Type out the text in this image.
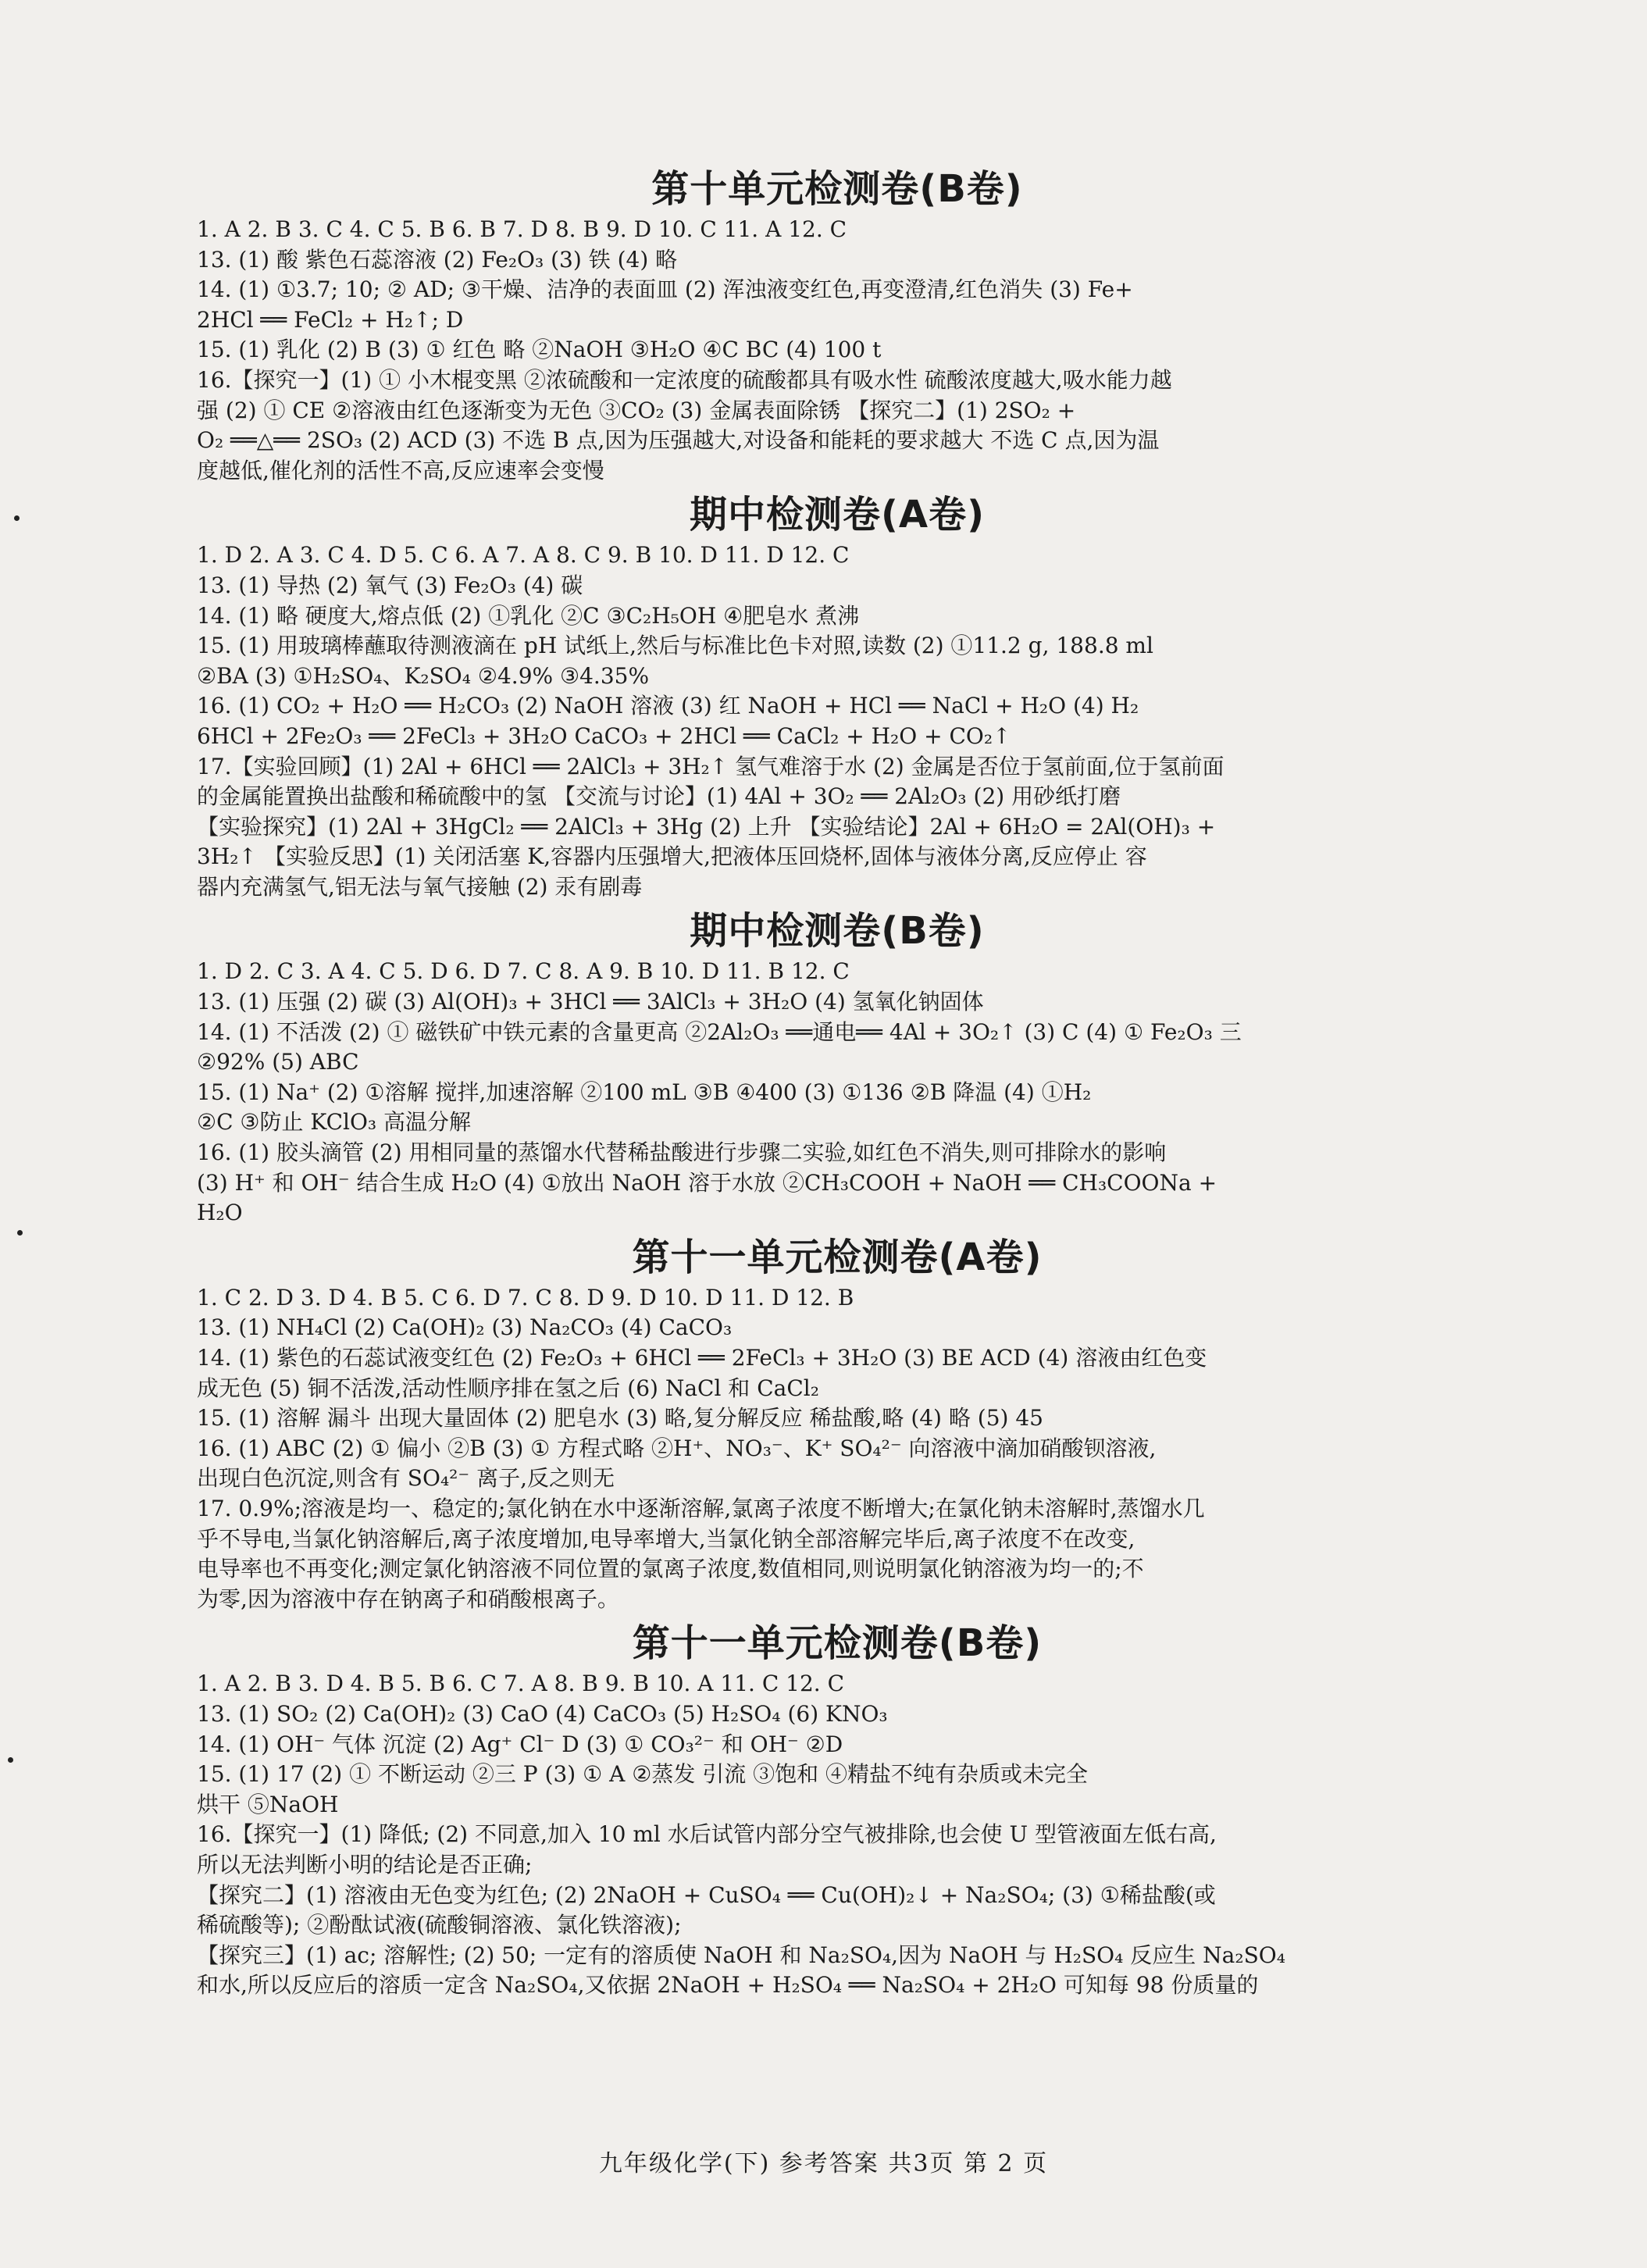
第十单元检测卷(B卷)
1. A 2. B 3. C 4. C 5. B 6. B 7. D 8. B 9. D 10. C 11. A 12. C
13. (1) 酸 紫色石蕊溶液 (2) Fe₂O₃ (3) 铁 (4) 略
14. (1) ①3.7; 10; ② AD; ③干燥、洁净的表面皿 (2) 浑浊液变红色,再变澄清,红色消失 (3) Fe+
2HCl ══ FeCl₂ + H₂↑; D
15. (1) 乳化 (2) B (3) ① 红色 略 ②NaOH ③H₂O ④C BC (4) 100 t
16.【探究一】(1) ① 小木棍变黑 ②浓硫酸和一定浓度的硫酸都具有吸水性 硫酸浓度越大,吸水能力越
强 (2) ① CE ②溶液由红色逐渐变为无色 ③CO₂ (3) 金属表面除锈 【探究二】(1) 2SO₂ +
O₂ ══△══ 2SO₃ (2) ACD (3) 不选 B 点,因为压强越大,对设备和能耗的要求越大 不选 C 点,因为温
度越低,催化剂的活性不高,反应速率会变慢
期中检测卷(A卷)
1. D 2. A 3. C 4. D 5. C 6. A 7. A 8. C 9. B 10. D 11. D 12. C
13. (1) 导热 (2) 氧气 (3) Fe₂O₃ (4) 碳
14. (1) 略 硬度大,熔点低 (2) ①乳化 ②C ③C₂H₅OH ④肥皂水 煮沸
15. (1) 用玻璃棒蘸取待测液滴在 pH 试纸上,然后与标准比色卡对照,读数 (2) ①11.2 g, 188.8 ml
②BA (3) ①H₂SO₄、K₂SO₄ ②4.9% ③4.35%
16. (1) CO₂ + H₂O ══ H₂CO₃ (2) NaOH 溶液 (3) 红 NaOH + HCl ══ NaCl + H₂O (4) H₂
6HCl + 2Fe₂O₃ ══ 2FeCl₃ + 3H₂O CaCO₃ + 2HCl ══ CaCl₂ + H₂O + CO₂↑
17.【实验回顾】(1) 2Al + 6HCl ══ 2AlCl₃ + 3H₂↑ 氢气难溶于水 (2) 金属是否位于氢前面,位于氢前面
的金属能置换出盐酸和稀硫酸中的氢 【交流与讨论】(1) 4Al + 3O₂ ══ 2Al₂O₃ (2) 用砂纸打磨
【实验探究】(1) 2Al + 3HgCl₂ ══ 2AlCl₃ + 3Hg (2) 上升 【实验结论】2Al + 6H₂O = 2Al(OH)₃ +
3H₂↑ 【实验反思】(1) 关闭活塞 K,容器内压强增大,把液体压回烧杯,固体与液体分离,反应停止 容
器内充满氢气,铝无法与氧气接触 (2) 汞有剧毒
期中检测卷(B卷)
1. D 2. C 3. A 4. C 5. D 6. D 7. C 8. A 9. B 10. D 11. B 12. C
13. (1) 压强 (2) 碳 (3) Al(OH)₃ + 3HCl ══ 3AlCl₃ + 3H₂O (4) 氢氧化钠固体
14. (1) 不活泼 (2) ① 磁铁矿中铁元素的含量更高 ②2Al₂O₃ ══通电══ 4Al + 3O₂↑ (3) C (4) ① Fe₂O₃ 三
②92% (5) ABC
15. (1) Na⁺ (2) ①溶解 搅拌,加速溶解 ②100 mL ③B ④400 (3) ①136 ②B 降温 (4) ①H₂
②C ③防止 KClO₃ 高温分解
16. (1) 胶头滴管 (2) 用相同量的蒸馏水代替稀盐酸进行步骤二实验,如红色不消失,则可排除水的影响
(3) H⁺ 和 OH⁻ 结合生成 H₂O (4) ①放出 NaOH 溶于水放 ②CH₃COOH + NaOH ══ CH₃COONa +
H₂O
第十一单元检测卷(A卷)
1. C 2. D 3. D 4. B 5. C 6. D 7. C 8. D 9. D 10. D 11. D 12. B
13. (1) NH₄Cl (2) Ca(OH)₂ (3) Na₂CO₃ (4) CaCO₃
14. (1) 紫色的石蕊试液变红色 (2) Fe₂O₃ + 6HCl ══ 2FeCl₃ + 3H₂O (3) BE ACD (4) 溶液由红色变
成无色 (5) 铜不活泼,活动性顺序排在氢之后 (6) NaCl 和 CaCl₂
15. (1) 溶解 漏斗 出现大量固体 (2) 肥皂水 (3) 略,复分解反应 稀盐酸,略 (4) 略 (5) 45
16. (1) ABC (2) ① 偏小 ②B (3) ① 方程式略 ②H⁺、NO₃⁻、K⁺ SO₄²⁻ 向溶液中滴加硝酸钡溶液,
出现白色沉淀,则含有 SO₄²⁻ 离子,反之则无
17. 0.9%;溶液是均一、稳定的;氯化钠在水中逐渐溶解,氯离子浓度不断增大;在氯化钠未溶解时,蒸馏水几
乎不导电,当氯化钠溶解后,离子浓度增加,电导率增大,当氯化钠全部溶解完毕后,离子浓度不在改变,
电导率也不再变化;测定氯化钠溶液不同位置的氯离子浓度,数值相同,则说明氯化钠溶液为均一的;不
为零,因为溶液中存在钠离子和硝酸根离子。
第十一单元检测卷(B卷)
1. A 2. B 3. D 4. B 5. B 6. C 7. A 8. B 9. B 10. A 11. C 12. C
13. (1) SO₂ (2) Ca(OH)₂ (3) CaO (4) CaCO₃ (5) H₂SO₄ (6) KNO₃
14. (1) OH⁻ 气体 沉淀 (2) Ag⁺ Cl⁻ D (3) ① CO₃²⁻ 和 OH⁻ ②D
15. (1) 17 (2) ① 不断运动 ②三 P (3) ① A ②蒸发 引流 ③饱和 ④精盐不纯有杂质或未完全
烘干 ⑤NaOH
16.【探究一】(1) 降低; (2) 不同意,加入 10 ml 水后试管内部分空气被排除,也会使 U 型管液面左低右高,
所以无法判断小明的结论是否正确;
【探究二】(1) 溶液由无色变为红色; (2) 2NaOH + CuSO₄ ══ Cu(OH)₂↓ + Na₂SO₄; (3) ①稀盐酸(或
稀硫酸等); ②酚酞试液(硫酸铜溶液、氯化铁溶液);
【探究三】(1) ac; 溶解性; (2) 50; 一定有的溶质使 NaOH 和 Na₂SO₄,因为 NaOH 与 H₂SO₄ 反应生 Na₂SO₄
和水,所以反应后的溶质一定含 Na₂SO₄,又依据 2NaOH + H₂SO₄ ══ Na₂SO₄ + 2H₂O 可知每 98 份质量的
九年级化学(下) 参考答案 共3页 第 2 页
